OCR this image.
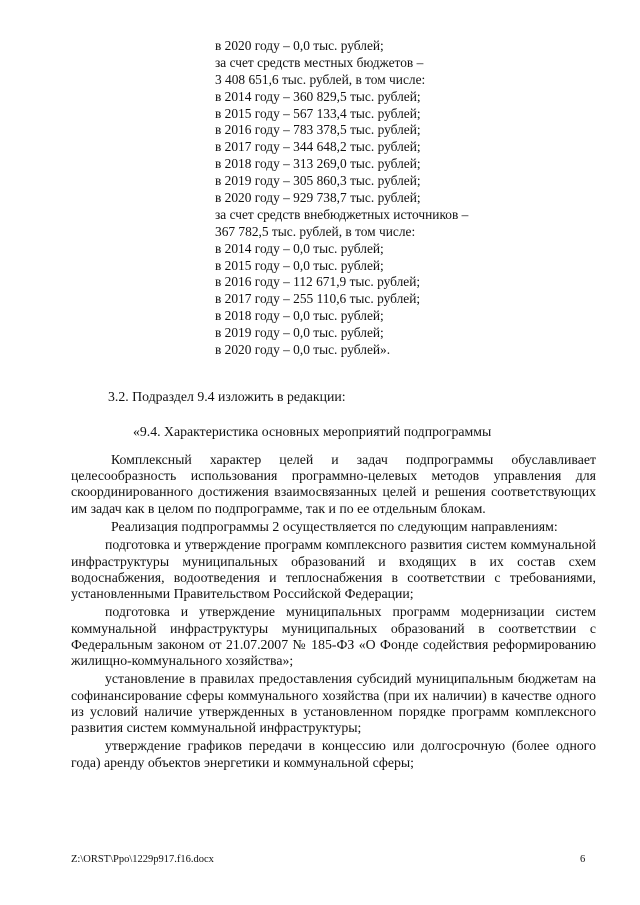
в 2020 году – 0,0 тыс. рублей;
за счет средств местных бюджетов –
3 408 651,6 тыс. рублей, в том числе:
в 2014 году – 360 829,5 тыс. рублей;
в 2015 году – 567 133,4 тыс. рублей;
в 2016 году – 783 378,5 тыс. рублей;
в 2017 году – 344 648,2 тыс. рублей;
в 2018 году – 313 269,0 тыс. рублей;
в 2019 году – 305 860,3 тыс. рублей;
в 2020 году – 929 738,7 тыс. рублей;
за счет средств внебюджетных источников –
367 782,5 тыс. рублей, в том числе:
в 2014 году – 0,0 тыс. рублей;
в 2015 году – 0,0 тыс. рублей;
в 2016 году – 112 671,9 тыс. рублей;
в 2017 году – 255 110,6 тыс. рублей;
в 2018 году – 0,0 тыс. рублей;
в 2019 году – 0,0 тыс. рублей;
в 2020 году – 0,0 тыс. рублей».
3.2. Подраздел 9.4 изложить в редакции:
«9.4. Характеристика основных мероприятий подпрограммы

Комплексный характер целей и задач подпрограммы обуславливает целесообразность использования программно-целевых методов управления для скоординированного достижения взаимосвязанных целей и решения соответствующих им задач как в целом по подпрограмме, так и по ее отдельным блокам.

Реализация подпрограммы 2 осуществляется по следующим направлениям:

подготовка и утверждение программ комплексного развития систем коммунальной инфраструктуры муниципальных образований и входящих в их состав схем водоснабжения, водоотведения и теплоснабжения в соответствии с требованиями, установленными Правительством Российской Федерации;

подготовка и утверждение муниципальных программ модернизации систем коммунальной инфраструктуры муниципальных образований в соответствии с Федеральным законом от 21.07.2007 № 185-ФЗ «О Фонде содействия реформированию жилищно-коммунального хозяйства»;

установление в правилах предоставления субсидий муниципальным бюджетам на софинансирование сферы коммунального хозяйства (при их наличии) в качестве одного из условий наличие утвержденных в установленном порядке программ комплексного развития систем коммунальной инфраструктуры;

утверждение графиков передачи в концессию или долгосрочную (более одного года) аренду объектов энергетики и коммунальной сферы;

Z:\ORST\Ppo\1229p917.f16.docx	6
